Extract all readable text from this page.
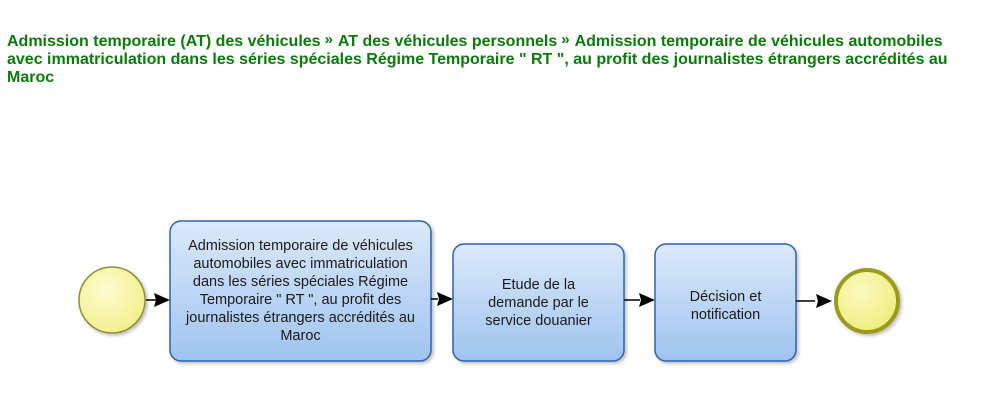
Admission temporaire (AT) des véhicules » AT des véhicules personnels » Admission temporaire de véhicules automobiles avec immatriculation dans les séries spéciales Régime Temporaire " RT ", au profit des journalistes étrangers accrédités au Maroc
Admission temporaire de véhicules automobiles avec immatriculation dans les séries spéciales Régime Temporaire " RT ", au profit des journalistes étrangers accrédités au Maroc
Etude de la demande par le service douanier
Décision et notification
